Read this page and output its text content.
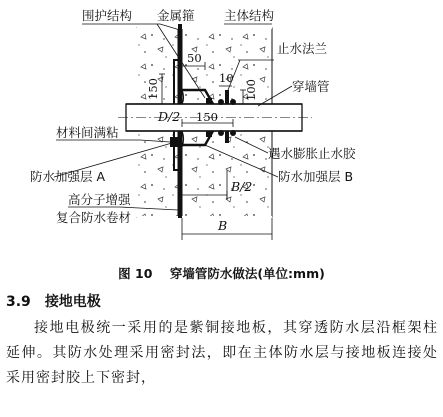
围护结构 金属箍 主体结构
止水法兰
穿墙管
材料间满粘
遇水膨胀止水胶
防水加强层 A	防水加强层 B
高分子增强
复合防水卷材
50
10
100
150
D/2 150
B/2
B
图 10 穿墙管防水做法(单位:mm)
3.9 接地电极

接地电极统一采用的是紫铜接地板，其穿透防水层沿框架柱延伸。其防水处理采用密封法，即在主体防水层与接地板连接处采用密封胶上下密封，
